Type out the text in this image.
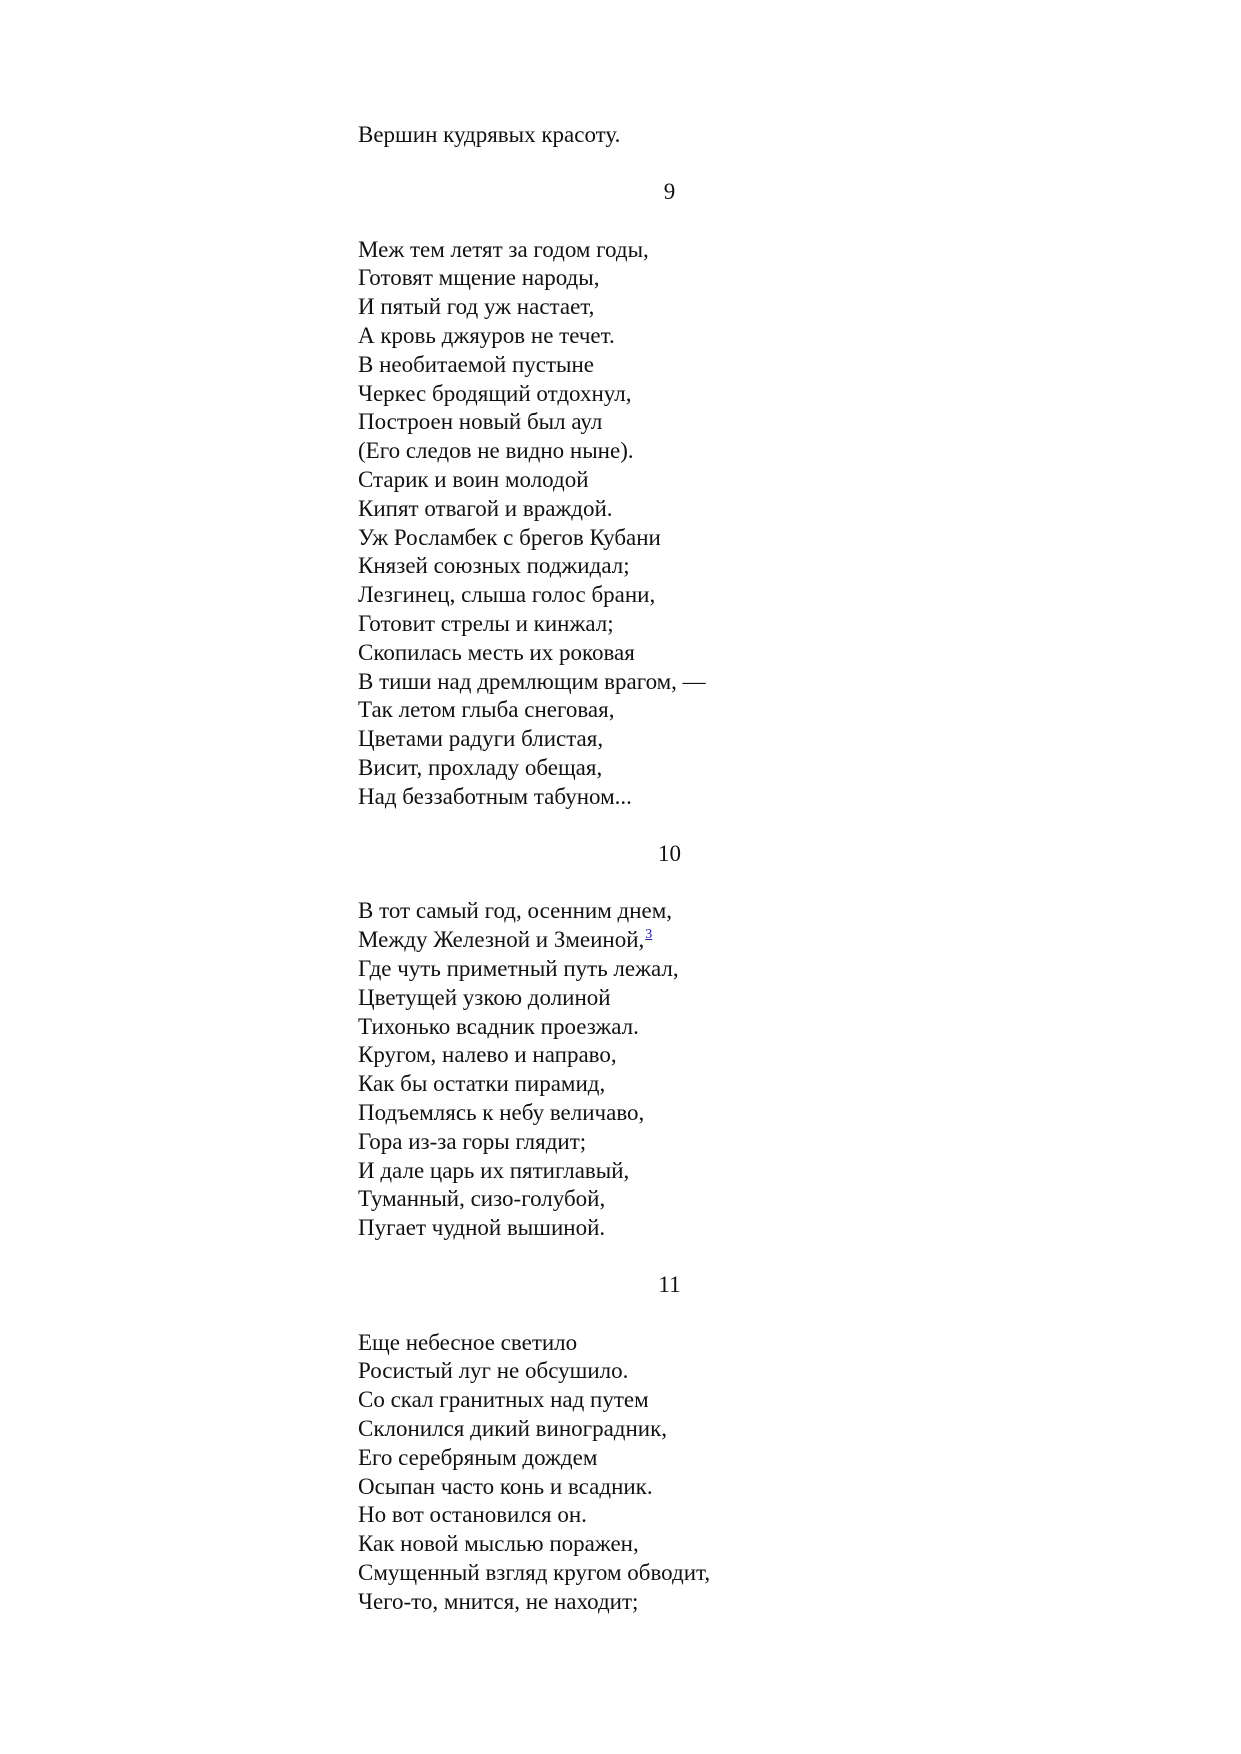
Вершин кудрявых красоту.
9
Меж тем летят за годом годы,
Готовят мщение народы,
И пятый год уж настает,
А кровь джяуров не течет.
В необитаемой пустыне
Черкес бродящий отдохнул,
Построен новый был аул
(Его следов не видно ныне).
Старик и воин молодой
Кипят отвагой и враждой.
Уж Росламбек с брегов Кубани
Князей союзных поджидал;
Лезгинец, слыша голос брани,
Готовит стрелы и кинжал;
Скопилась месть их роковая
В тиши над дремлющим врагом, —
Так летом глыба снеговая,
Цветами радуги блистая,
Висит, прохладу обещая,
Над беззаботным табуном...
10
В тот самый год, осенним днем,
Между Железной и Змеиной,$^3$
Где чуть приметный путь лежал,
Цветущей узкою долиной
Тихонько всадник проезжал.
Кругом, налево и направо,
Как бы остатки пирамид,
Подъемлясь к небу величаво,
Гора из-за горы глядит;
И дале царь их пятиглавый,
Туманный, сизо-голубой,
Пугает чудной вышиной.
11
Еще небесное светило
Росистый луг не обсушило.
Со скал гранитных над путем
Склонился дикий виноградник,
Его серебряным дождем
Осыпан часто конь и всадник.
Но вот остановился он.
Как новой мыслью поражен,
Смущенный взгляд кругом обводит,
Чего-то, мнится, не находит;
